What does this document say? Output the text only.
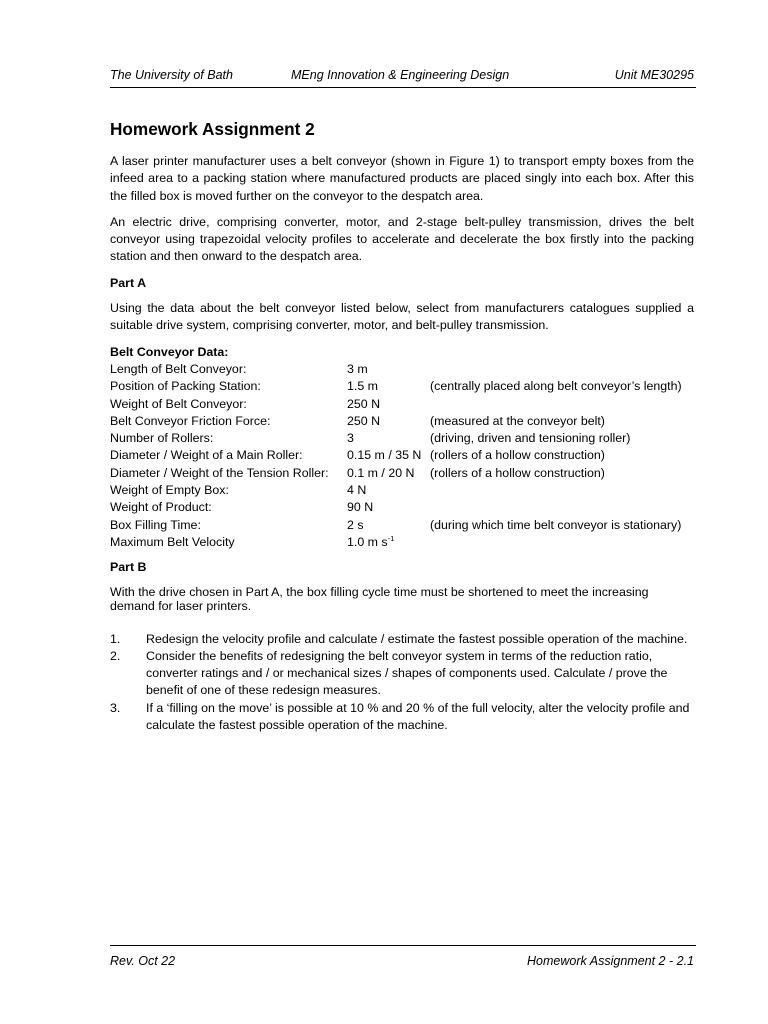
The University of Bath	MEng Innovation & Engineering Design	Unit ME30295
Homework Assignment 2

A laser printer manufacturer uses a belt conveyor (shown in Figure 1) to transport empty boxes from the infeed area to a packing station where manufactured products are placed singly into each box. After this the filled box is moved further on the conveyor to the despatch area.

An electric drive, comprising converter, motor, and 2-stage belt-pulley transmission, drives the belt conveyor using trapezoidal velocity profiles to accelerate and decelerate the box firstly into the packing station and then onward to the despatch area.

Part A

Using the data about the belt conveyor listed below, select from manufacturers catalogues supplied a suitable drive system, comprising converter, motor, and belt-pulley transmission.

Belt Conveyor Data:
Length of Belt Conveyor:	3 m	
Position of Packing Station:	1.5 m	(centrally placed along belt conveyor’s length)
Weight of Belt Conveyor:	250 N	
Belt Conveyor Friction Force:	250 N	(measured at the conveyor belt)
Number of Rollers:	3	(driving, driven and tensioning roller)
Diameter / Weight of a Main Roller:	0.15 m / 35 N	(rollers of a hollow construction)
Diameter / Weight of the Tension Roller:	0.1 m / 20 N	(rollers of a hollow construction)
Weight of Empty Box:	4 N	
Weight of Product:	90 N	
Box Filling Time:	2 s	(during which time belt conveyor is stationary)
Maximum Belt Velocity	1.0 m $s^{-1}$	
Part B

With the drive chosen in Part A, the box filling cycle time must be shortened to meet the increasing demand for laser printers.

1. Redesign the velocity profile and calculate / estimate the fastest possible operation of the machine.
2. Consider the benefits of redesigning the belt conveyor system in terms of the reduction ratio, converter ratings and / or mechanical sizes / shapes of components used. Calculate / prove the benefit of one of these redesign measures.
3. If a ‘filling on the move’ is possible at 10 % and 20 % of the full velocity, alter the velocity profile and calculate the fastest possible operation of the machine.
Rev. Oct 22	Homework Assignment 2 - 2.1
